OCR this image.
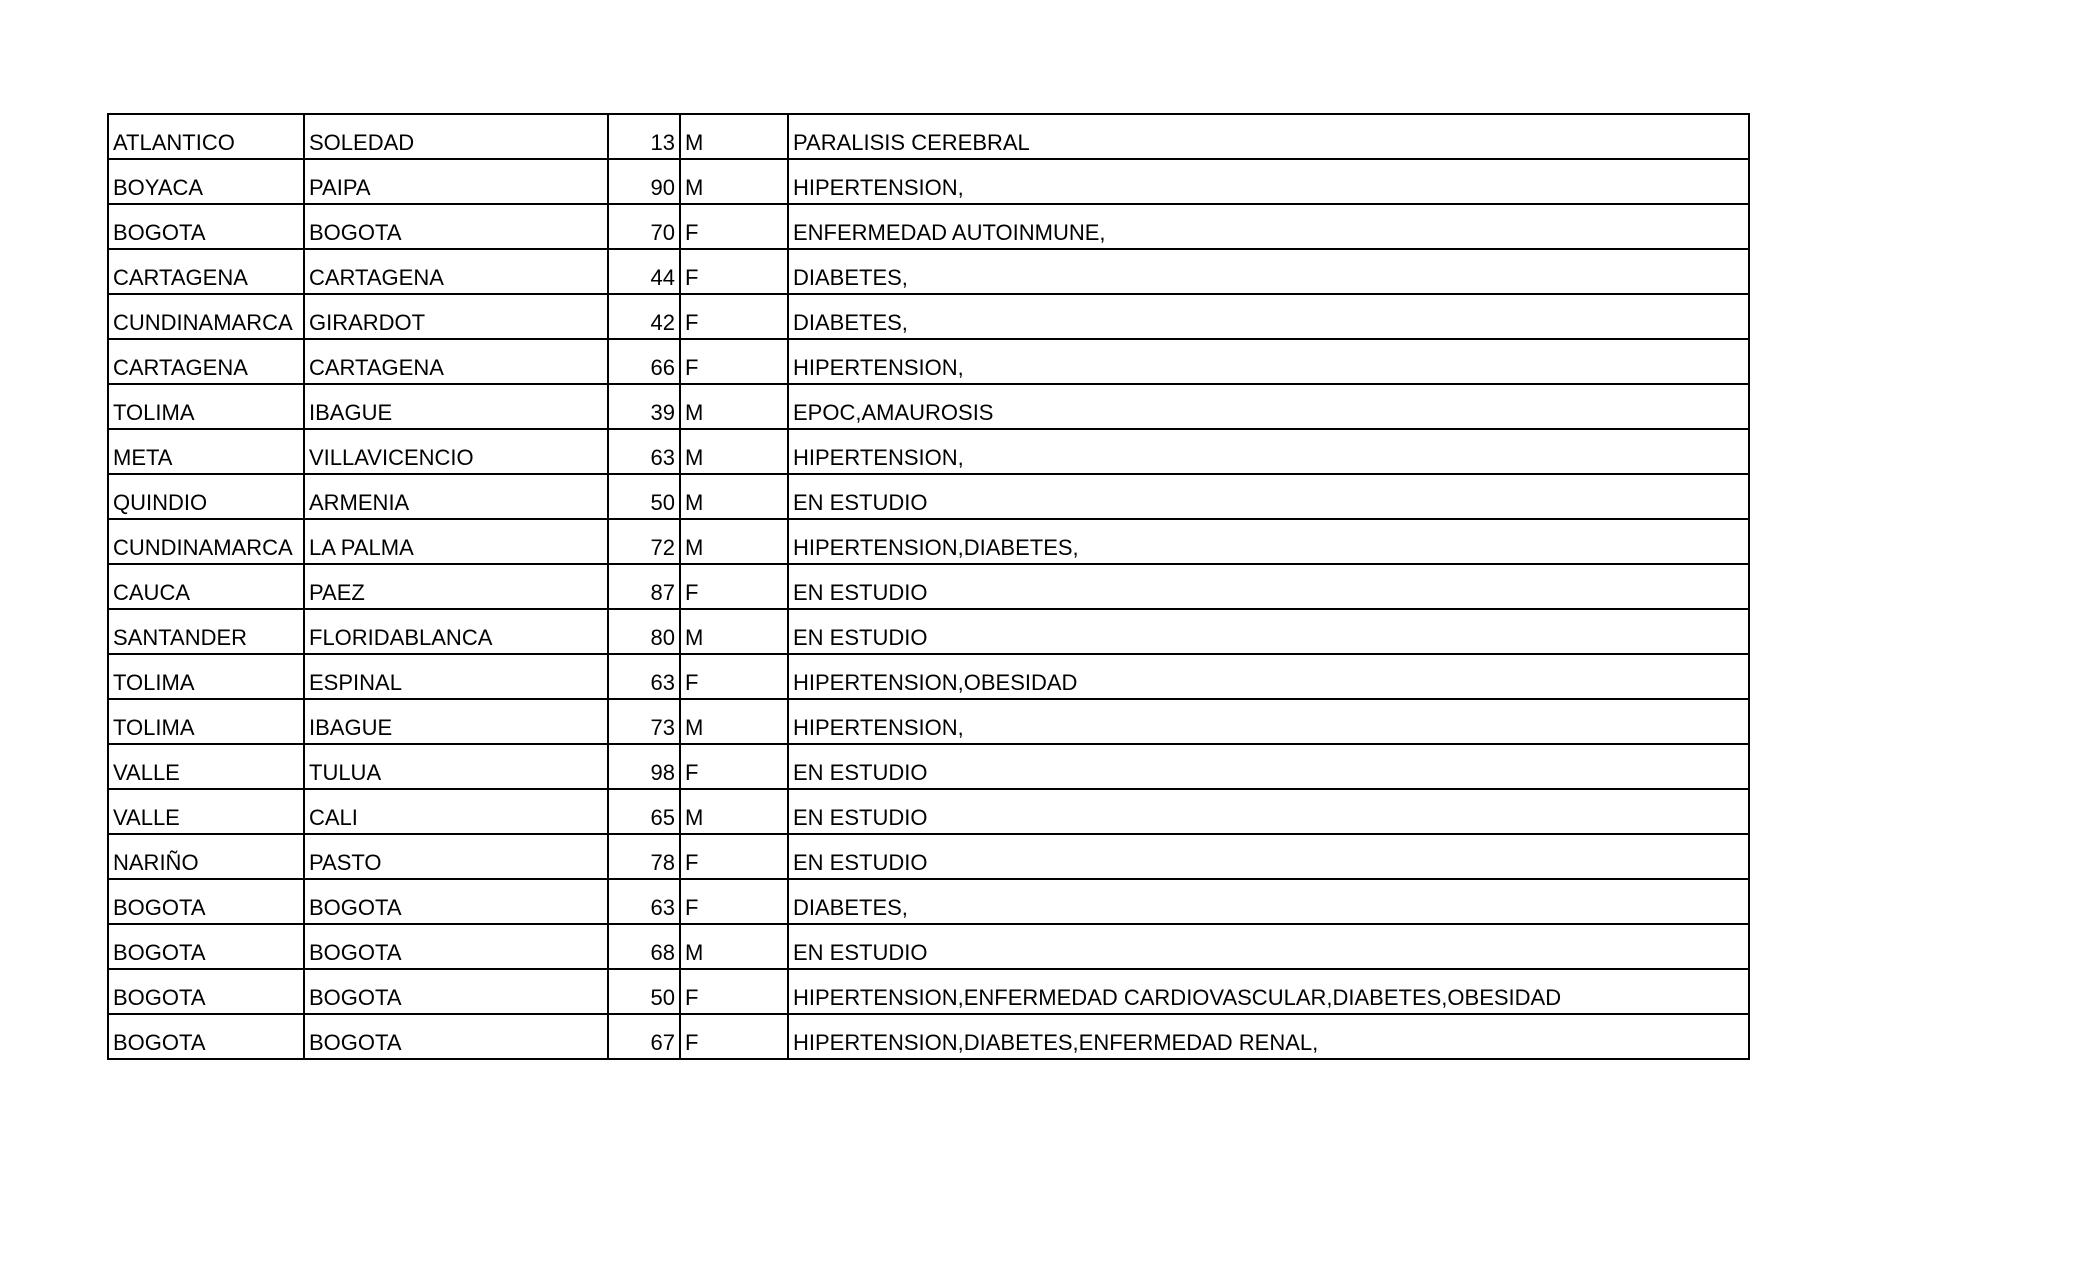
ATLANTICO	SOLEDAD	13	M	PARALISIS CEREBRAL
BOYACA	PAIPA	90	M	HIPERTENSION,
BOGOTA	BOGOTA	70	F	ENFERMEDAD AUTOINMUNE,
CARTAGENA	CARTAGENA	44	F	DIABETES,
CUNDINAMARCA	GIRARDOT	42	F	DIABETES,
CARTAGENA	CARTAGENA	66	F	HIPERTENSION,
TOLIMA	IBAGUE	39	M	EPOC,AMAUROSIS
META	VILLAVICENCIO	63	M	HIPERTENSION,
QUINDIO	ARMENIA	50	M	EN ESTUDIO
CUNDINAMARCA	LA PALMA	72	M	HIPERTENSION,DIABETES,
CAUCA	PAEZ	87	F	EN ESTUDIO
SANTANDER	FLORIDABLANCA	80	M	EN ESTUDIO
TOLIMA	ESPINAL	63	F	HIPERTENSION,OBESIDAD
TOLIMA	IBAGUE	73	M	HIPERTENSION,
VALLE	TULUA	98	F	EN ESTUDIO
VALLE	CALI	65	M	EN ESTUDIO
NARIÑO	PASTO	78	F	EN ESTUDIO
BOGOTA	BOGOTA	63	F	DIABETES,
BOGOTA	BOGOTA	68	M	EN ESTUDIO
BOGOTA	BOGOTA	50	F	HIPERTENSION,ENFERMEDAD CARDIOVASCULAR,DIABETES,OBESIDAD
BOGOTA	BOGOTA	67	F	HIPERTENSION,DIABETES,ENFERMEDAD RENAL,
